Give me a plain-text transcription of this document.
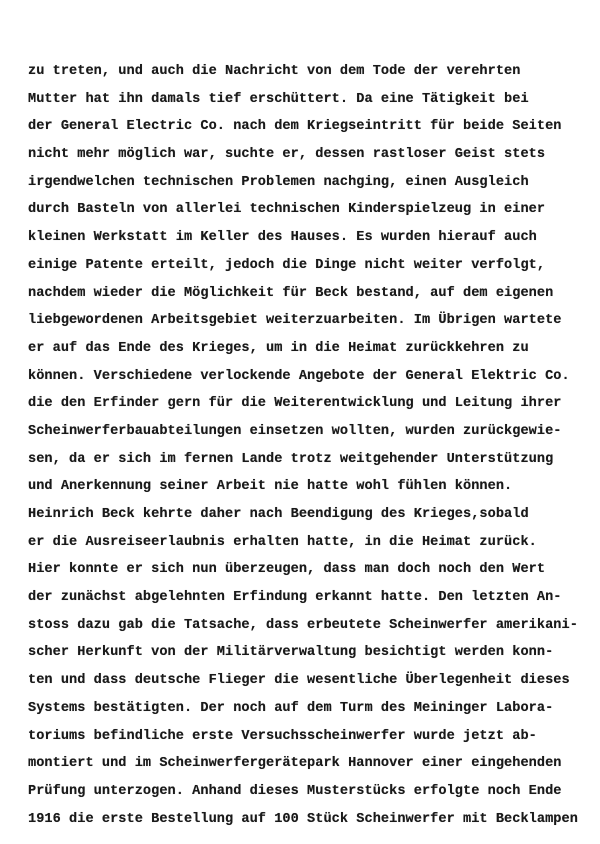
zu treten, und auch die Nachricht von dem Tode der verehrten
Mutter hat ihn damals tief erschüttert. Da eine Tätigkeit bei
der General Electric Co. nach dem Kriegseintritt für beide Seiten
nicht mehr möglich war, suchte er, dessen rastloser Geist stets
irgendwelchen technischen Problemen nachging, einen Ausgleich
durch Basteln von allerlei technischen Kinderspielzeug in einer
kleinen Werkstatt im Keller des Hauses. Es wurden hierauf auch
einige Patente erteilt, jedoch die Dinge nicht weiter verfolgt,
nachdem wieder die Möglichkeit für Beck bestand, auf dem eigenen
liebgewordenen Arbeitsgebiet weiterzuarbeiten. Im Übrigen wartete
er auf das Ende des Krieges, um in die Heimat zurückkehren zu
können. Verschiedene verlockende Angebote der General Elektric Co.
die den Erfinder gern für die Weiterentwicklung und Leitung ihrer
Scheinwerferbauabteilungen einsetzen wollten, wurden zurückgewie-
sen, da er sich im fernen Lande trotz weitgehender Unterstützung
und Anerkennung seiner Arbeit nie hatte wohl fühlen können.
Heinrich Beck kehrte daher nach Beendigung des Krieges,sobald
er die Ausreiseerlaubnis erhalten hatte, in die Heimat zurück.
Hier konnte er sich nun überzeugen, dass man doch noch den Wert
der zunächst abgelehnten Erfindung erkannt hatte. Den letzten An-
stoss dazu gab die Tatsache, dass erbeutete Scheinwerfer amerikani-
scher Herkunft von der Militärverwaltung besichtigt werden konn-
ten und dass deutsche Flieger die wesentliche Überlegenheit dieses
Systems bestätigten. Der noch auf dem Turm des Meininger Labora-
toriums befindliche erste Versuchsscheinwerfer wurde jetzt ab-
montiert und im Scheinwerfergerätepark Hannover einer eingehenden
Prüfung unterzogen. Anhand dieses Musterstücks erfolgte noch Ende
1916 die erste Bestellung auf 100 Stück Scheinwerfer mit Becklampen
